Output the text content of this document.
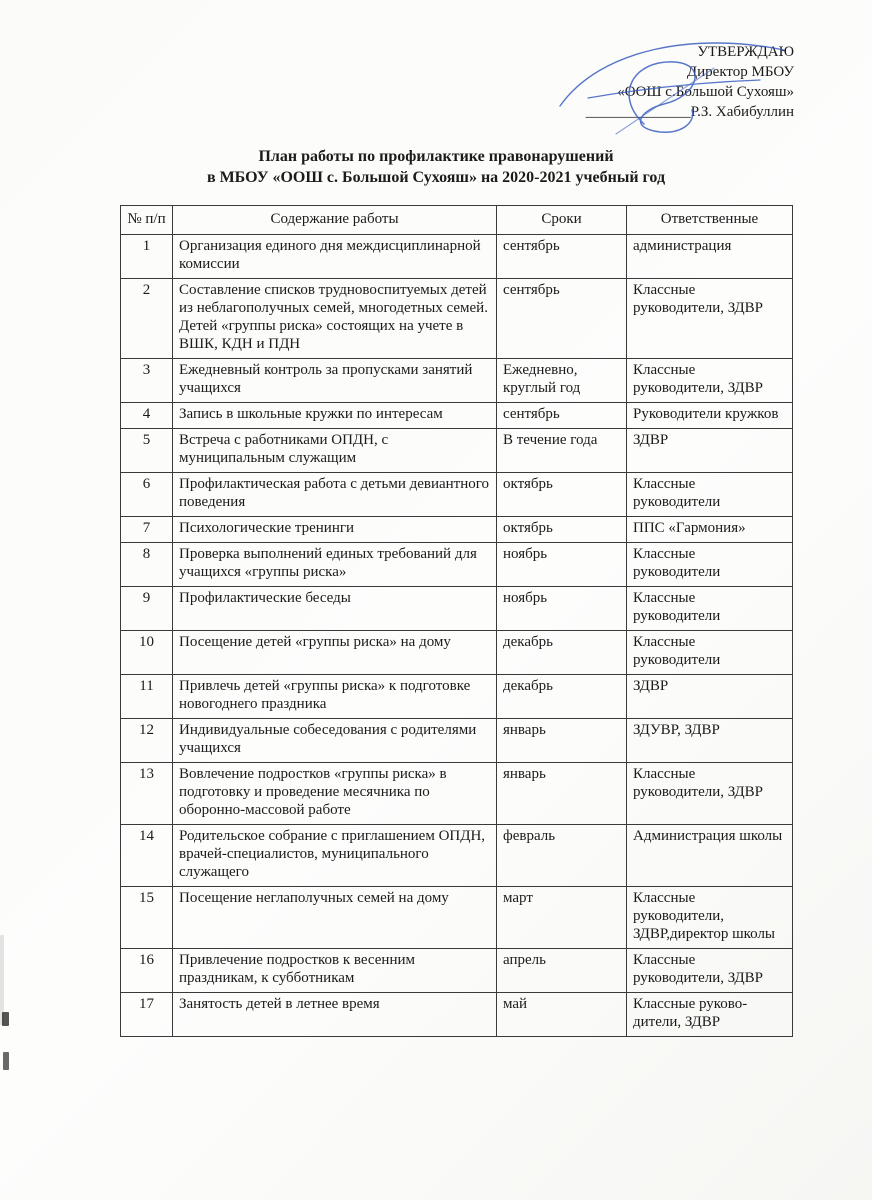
УТВЕРЖДАЮ
Директор МБОУ
«ООШ с.Большой Сухояш»
______________Р.З. Хабибуллин
План работы по профилактике правонарушений
в МБОУ «ООШ с. Большой Сухояш» на 2020-2021 учебный год
№ п/п	Содержание работы	Сроки	Ответственные
1	Организация единого дня междисциплинарной комиссии	сентябрь	администрация
2	Составление списков трудновоспитуемых детей из неблагополучных семей, многодетных семей. Детей «группы риска» состоящих на учете в ВШК, КДН и ПДН	сентябрь	Классные руководители, ЗДВР
3	Ежедневный контроль за пропусками занятий учащихся	Ежедневно, круглый год	Классные руководители, ЗДВР
4	Запись в школьные кружки по интересам	сентябрь	Руководители кружков
5	Встреча с работниками ОПДН, с муниципальным служащим	В течение года	ЗДВР
6	Профилактическая работа с детьми девиантного поведения	октябрь	Классные руководители
7	Психологические тренинги	октябрь	ППС «Гармония»
8	Проверка выполнений единых требований для учащихся «группы риска»	ноябрь	Классные руководители
9	Профилактические беседы	ноябрь	Классные руководители
10	Посещение детей «группы риска» на дому	декабрь	Классные руководители
11	Привлечь детей «группы риска» к подготовке новогоднего праздника	декабрь	ЗДВР
12	Индивидуальные собеседования с родителями учащихся	январь	ЗДУВР, ЗДВР
13	Вовлечение подростков «группы риска» в подготовку и проведение месячника по оборонно-массовой работе	январь	Классные руководители, ЗДВР
14	Родительское собрание с приглашением ОПДН, врачей-специалистов, муниципального служащего	февраль	Администрация школы
15	Посещение неглаполучных семей на дому	март	Классные руководители, ЗДВР,директор школы
16	Привлечение подростков к весенним праздникам, к субботникам	апрель	Классные руководители, ЗДВР
17	Занятость детей в летнее время	май	Классные руково-дители, ЗДВР
